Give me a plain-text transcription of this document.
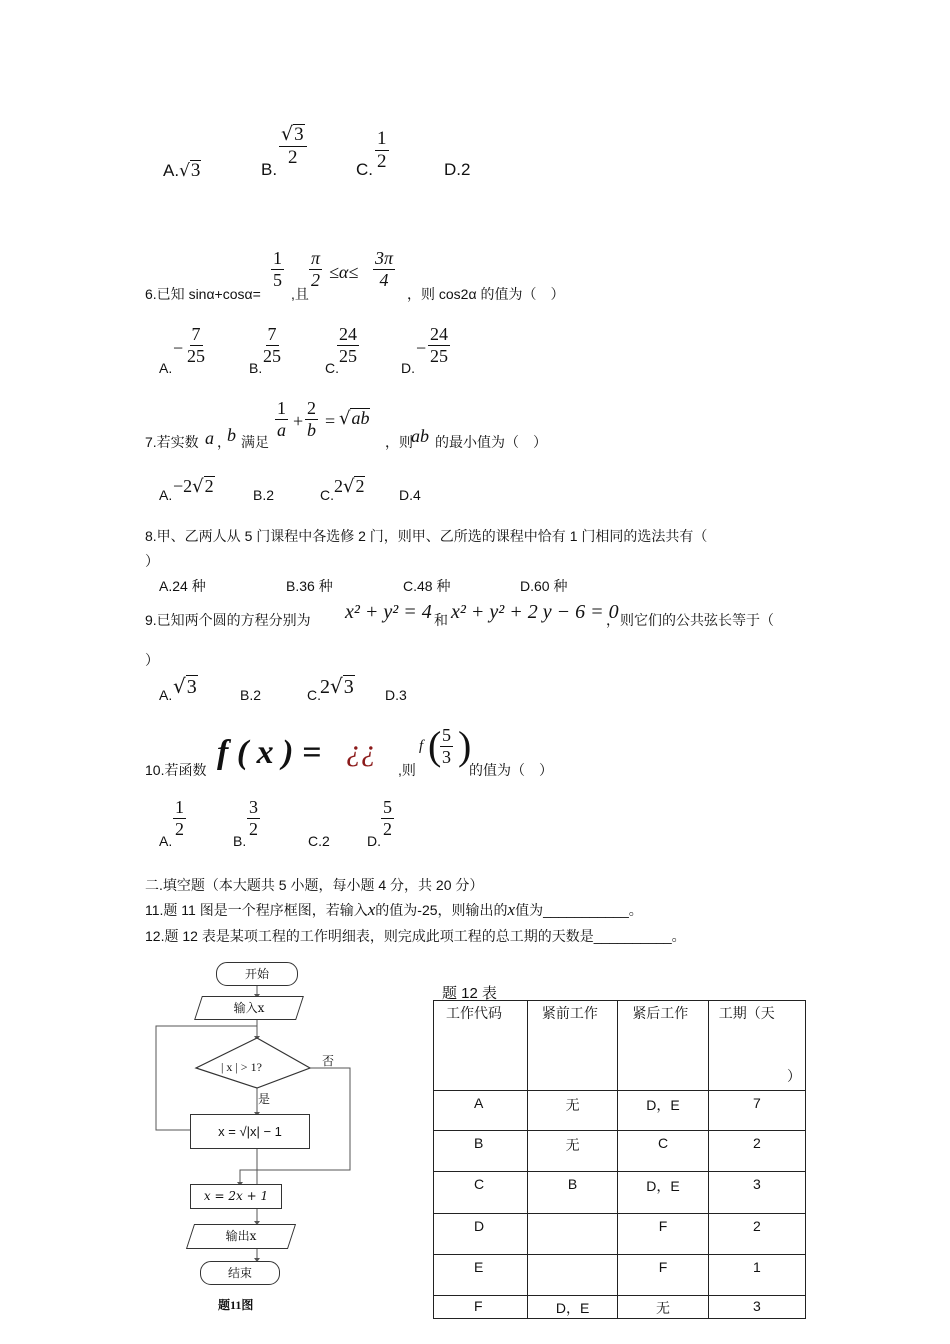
A.√3	B.
$\frac{√3}{2}$
C. $\frac{1}{2}$	D.2
6.已知 sinα+cosα=
$\frac{1}{5}$
,且
$\frac{\pi}{2} \le\alpha\le \frac{3\pi}{4}$
，则 cos2α 的值为（　）
A.
− $\frac{7}{25}$
B.
$\frac{7}{25}$
C.
$\frac{24}{25}$
D.
− $\frac{24}{25}$
7.若实数 a ，
b 满足
$\frac{1}{a} + \frac{2}{b} = √ab$
，则
ab 的最小值为（　）
A. −2√2	B.2	C. 2√2 D.4
8.甲、乙两人从 5 门课程中各选修 2 门，则甲、乙所选的课程中恰有 1 门相同的选法共有（
）
A.24 种	B.36 种	C.48 种	D.60 种
9.已知两个圆的方程分别为 x² + y² = 4 和 x² + y² + 2 y − 6 = 0
，则它们的公共弦长等于（
）
A. √3	B.2	C. 2√3 D.3
10.若函数 f ( x ) = ¿¿
,则
f (
$\frac{5}{3}$ )
的值为（　）
A.
$\frac{1}{2}$
B.
$\frac{3}{2}$
C.2	D.
$\frac{5}{2}$
二.填空题（本大题共 5 小题，每小题 4 分，共 20 分）
11.题 11 图是一个程序框图，若输入x的值为-25，则输出的x值为___________。
12.题 12 表是某项工程的工作明细表，则完成此项工程的总工期的天数是__________。
开始
输入x
| x | > 1?	否
是
x = √|x| − 1
x = 2x + 1
输出x
结束
题11图
题 12 表
工作代码	紧前工作	紧后工作	工期（天
）

A	无	D，E	7
B	无	C	2
C	B	D，E	3
D		F	2
E		F	1
F	D，E	无	3
